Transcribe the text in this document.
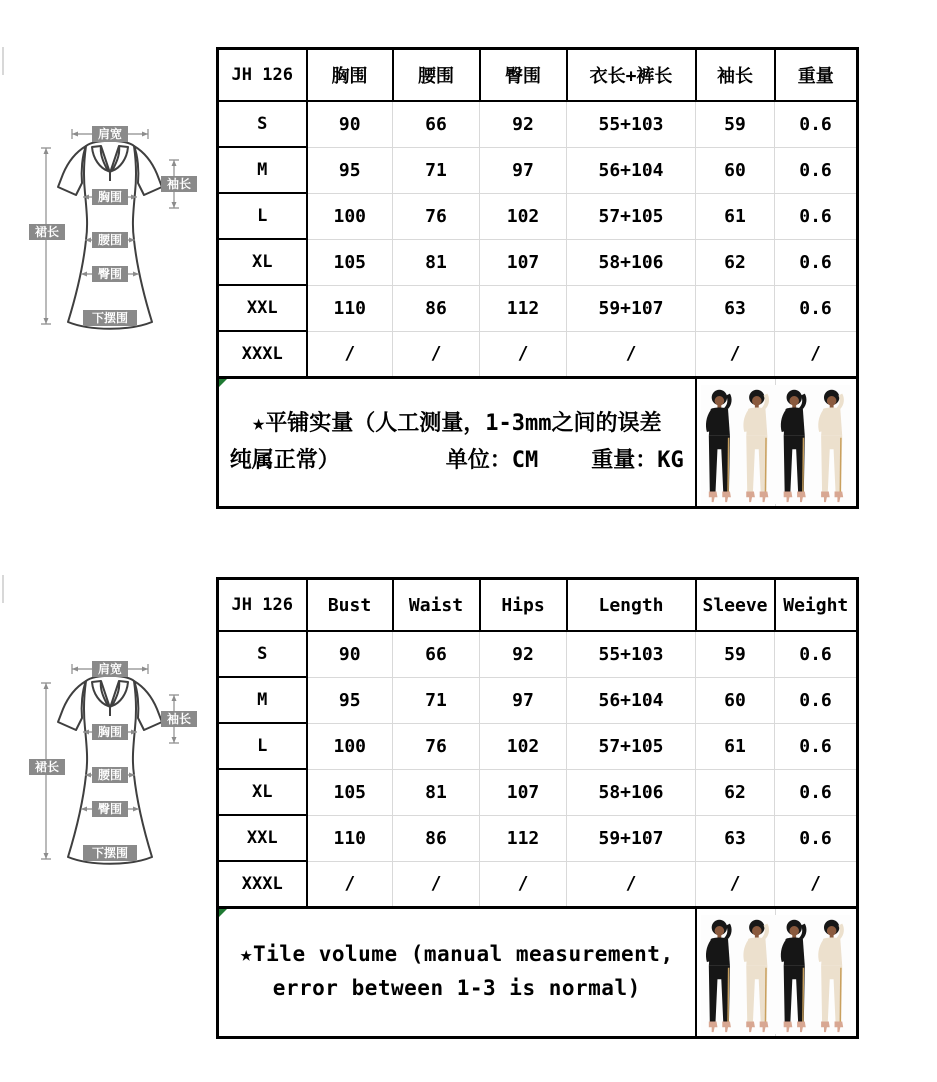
肩宽
袖长
胸围
裙长
腰围
臀围
下摆围
JH 126	胸围	腰围	臀围	衣长+裤长	袖长	重量
S	90	66	92	55+103	59	0.6
M	95	71	97	56+104	60	0.6
L	100	76	102	57+105	61	0.6
XL	105	81	107	58+106	62	0.6
XXL	110	86	112	59+107	63	0.6
XXXL	/	/	/	/	/	/

★平铺实量（人工测量，1-3mm之间的误差
纯属正常）        单位：CM    重量：KG

肩宽
袖长
胸围
裙长
腰围
臀围
下摆围
JH 126	Bust	Waist	Hips	Length	Sleeve	Weight
S	90	66	92	55+103	59	0.6
M	95	71	97	56+104	60	0.6
L	100	76	102	57+105	61	0.6
XL	105	81	107	58+106	62	0.6
XXL	110	86	112	59+107	63	0.6
XXXL	/	/	/	/	/	/

★Tile volume (manual measurement,
error between 1-3 is normal)
